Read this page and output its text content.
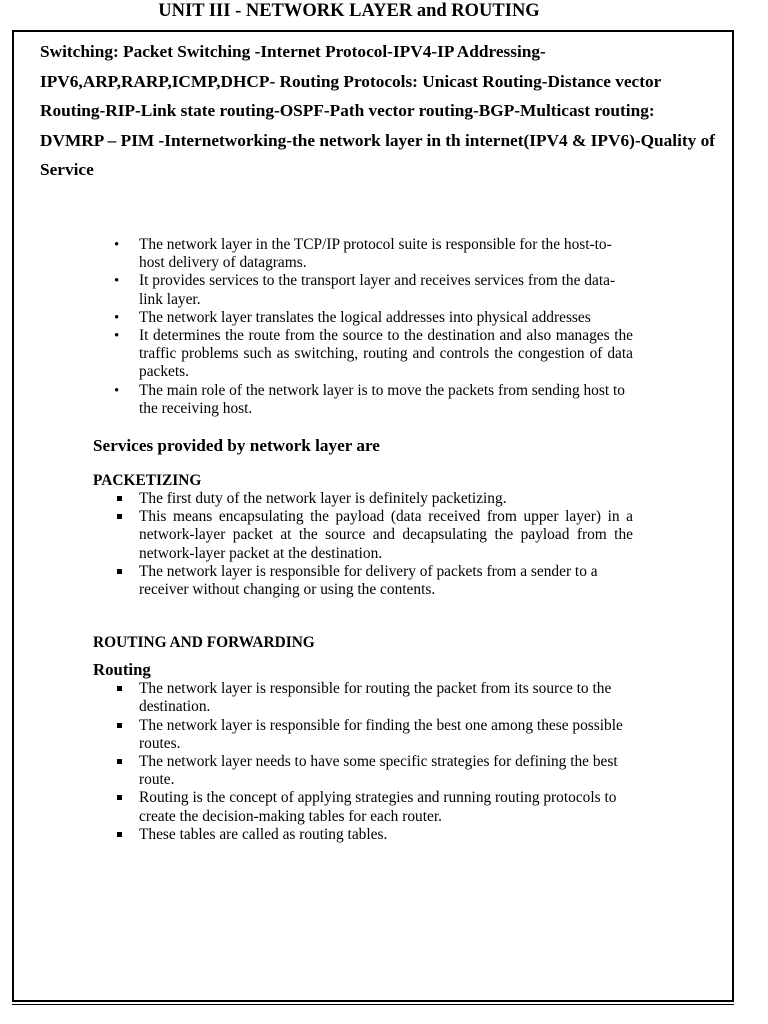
UNIT III - NETWORK LAYER and ROUTING

Switching: Packet Switching -Internet Protocol-IPV4-IP Addressing- IPV6,ARP,RARP,ICMP,DHCP- Routing Protocols: Unicast Routing-Distance vector Routing-RIP-Link state routing-OSPF-Path vector routing-BGP-Multicast routing: DVMRP – PIM -Internetworking-the network layer in th internet(IPV4 & IPV6)-Quality of Service

• The network layer in the TCP/IP protocol suite is responsible for the host-to- host delivery of datagrams.
• It provides services to the transport layer and receives services from the data- link layer.
• The network layer translates the logical addresses into physical addresses
• It determines the route from the source to the destination and also manages the traffic problems such as switching, routing and controls the congestion of data packets.
• The main role of the network layer is to move the packets from sending host to the receiving host.
Services provided by network layer are
PACKETIZING
The first duty of the network layer is definitely packetizing.
This means encapsulating the payload (data received from upper layer) in a network-layer packet at the source and decapsulating the payload from the network-layer packet at the destination.
The network layer is responsible for delivery of packets from a sender to a receiver without changing or using the contents.
ROUTING AND FORWARDING
Routing
The network layer is responsible for routing the packet from its source to the destination.
The network layer is responsible for finding the best one among these possible routes.
The network layer needs to have some specific strategies for defining the best route.
Routing is the concept of applying strategies and running routing protocols to create the decision-making tables for each router.
These tables are called as routing tables.
